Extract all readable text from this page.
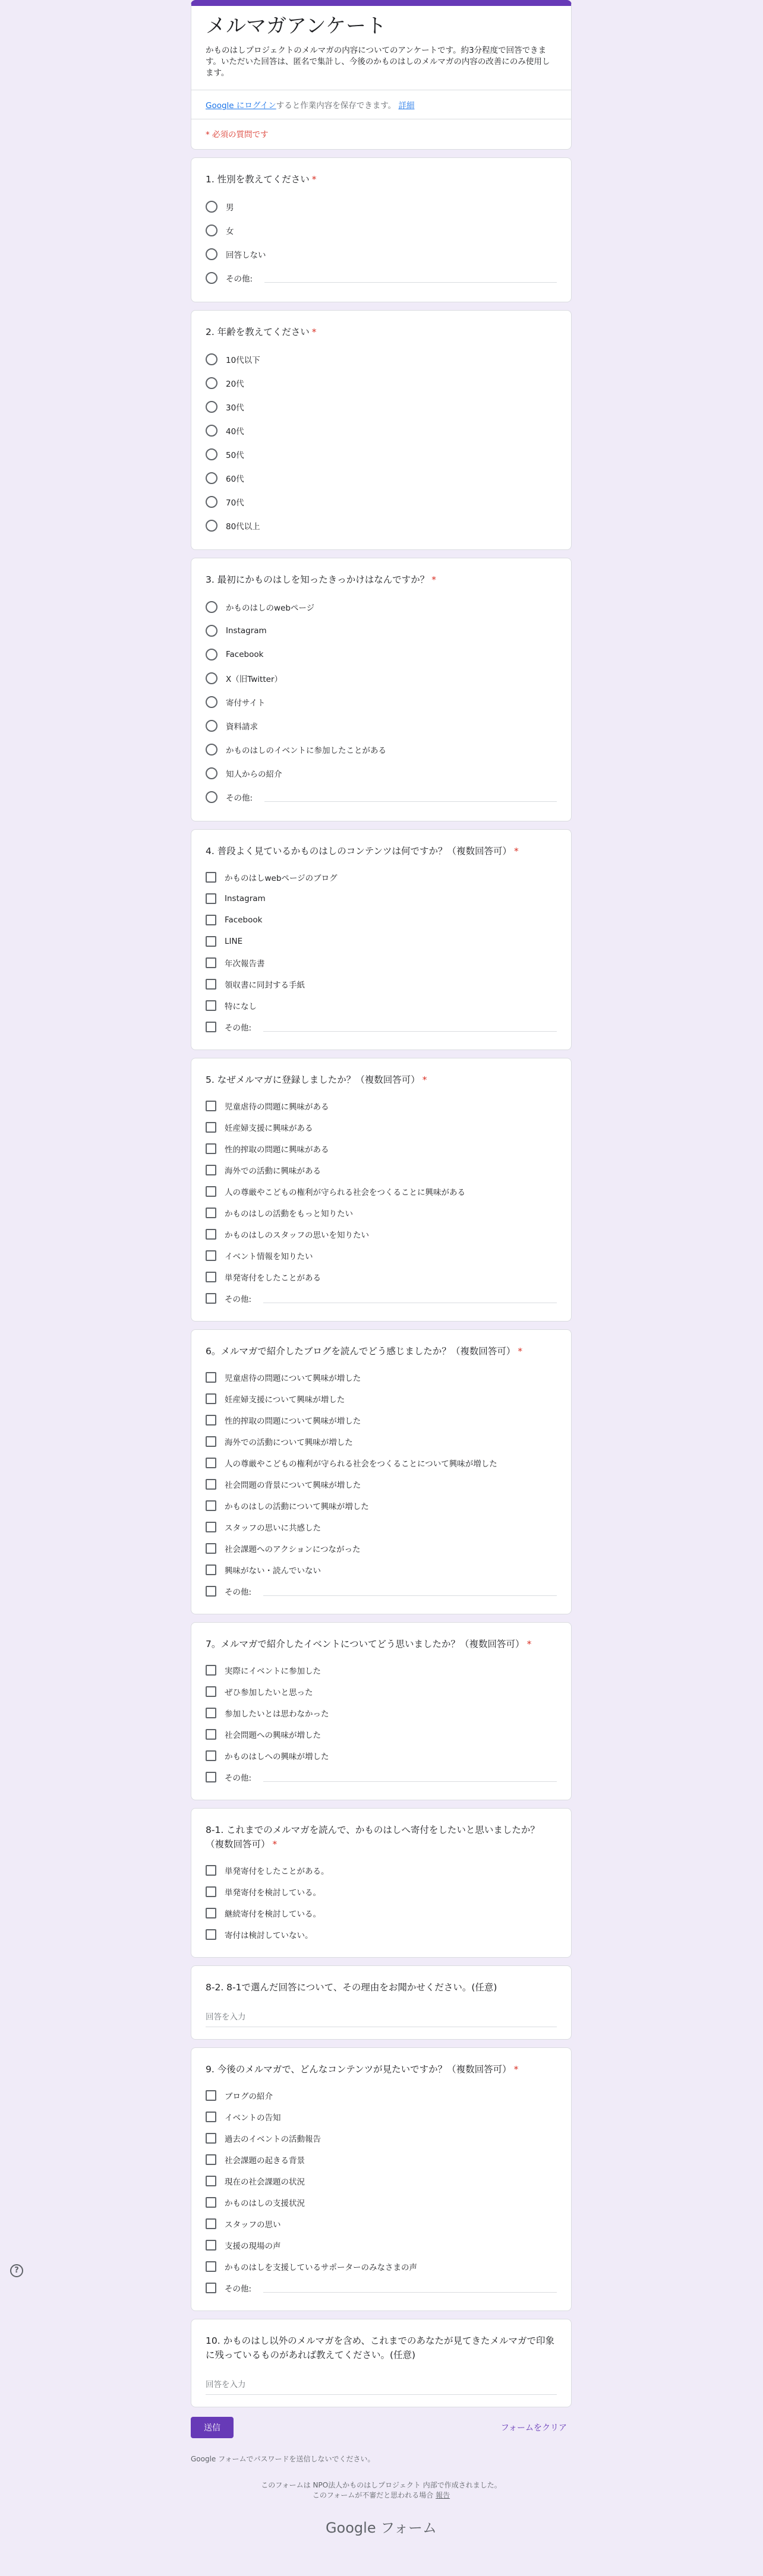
メルマガアンケート

かものはしプロジェクトのメルマガの内容についてのアンケートです。約3分程度で回答できます。いただいた回答は、匿名で集計し、今後のかものはしのメルマガの内容の改善にのみ使用します。

Google にログインすると作業内容を保存できます。 詳細
* 必須の質問です
1. 性別を教えてください *
男
女
回答しない
その他:
2. 年齢を教えてください *
10代以下
20代
30代
40代
50代
60代
70代
80代以上
3. 最初にかものはしを知ったきっかけはなんですか？ *
かものはしのwebページ
Instagram
Facebook
X（旧Twitter）
寄付サイト
資料請求
かものはしのイベントに参加したことがある
知人からの紹介
その他:
4. 普段よく見ているかものはしのコンテンツは何ですか？（複数回答可） *
かものはしwebページのブログ
Instagram
Facebook
LINE
年次報告書
領収書に同封する手紙
特になし
その他:
5. なぜメルマガに登録しましたか？（複数回答可） *
児童虐待の問題に興味がある
妊産婦支援に興味がある
性的搾取の問題に興味がある
海外での活動に興味がある
人の尊厳やこどもの権利が守られる社会をつくることに興味がある
かものはしの活動をもっと知りたい
かものはしのスタッフの思いを知りたい
イベント情報を知りたい
単発寄付をしたことがある
その他:
6。メルマガで紹介したブログを読んでどう感じましたか？（複数回答可） *
児童虐待の問題について興味が増した
妊産婦支援について興味が増した
性的搾取の問題について興味が増した
海外での活動について興味が増した
人の尊厳やこどもの権利が守られる社会をつくることについて興味が増した
社会問題の背景について興味が増した
かものはしの活動について興味が増した
スタッフの思いに共感した
社会課題へのアクションにつながった
興味がない・読んでいない
その他:
7。メルマガで紹介したイベントについてどう思いましたか？（複数回答可） *
実際にイベントに参加した
ぜひ参加したいと思った
参加したいとは思わなかった
社会問題への興味が増した
かものはしへの興味が増した
その他:
8-1. これまでのメルマガを読んで、かものはしへ寄付をしたいと思いましたか？（複数回答可） *
単発寄付をしたことがある。
単発寄付を検討している。
継続寄付を検討している。
寄付は検討していない。
8-2. 8-1で選んだ回答について、その理由をお聞かせください。(任意)
回答を入力
9. 今後のメルマガで、どんなコンテンツが見たいですか？（複数回答可） *
ブログの紹介
イベントの告知
過去のイベントの活動報告
社会課題の起きる背景
現在の社会課題の状況
かものはしの支援状況
スタッフの思い
支援の現場の声
かものはしを支援しているサポーターのみなさまの声
その他:
10. かものはし以外のメルマガを含め、これまでのあなたが見てきたメルマガで印象に残っているものがあれば教えてください。(任意)
回答を入力
送信	フォームをクリア
Google フォームでパスワードを送信しないでください。
このフォームは NPO法人かものはしプロジェクト 内部で作成されました。
このフォームが不審だと思われる場合 報告
Google フォーム
?
